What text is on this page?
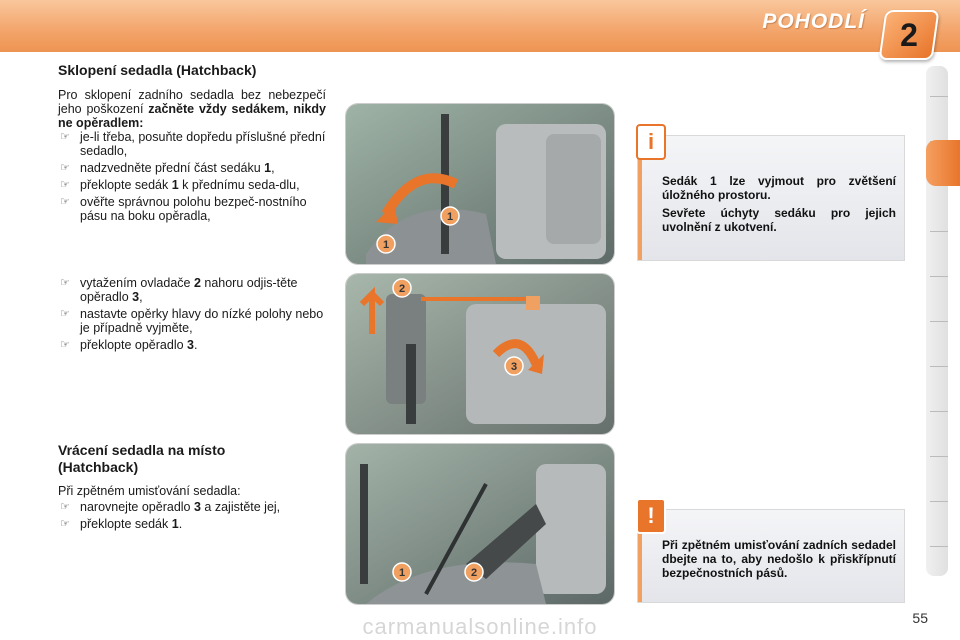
POHODLÍ	2
Sklopení sedadla (Hatchback)
Pro sklopení zadního sedadla bez nebezpečí jeho poškození začněte vždy sedákem, nikdy ne opěradlem:
☞ je-li třeba, posuňte dopředu příslušné přední sedadlo,
☞ nadzvedněte přední část sedáku 1,
☞ překlopte sedák 1 k přednímu seda-dlu,
☞ ověřte správnou polohu bezpeč-nostního pásu na boku opěradla,
☞ vytažením ovladače 2 nahoru odjis-těte opěradlo 3,
☞ nastavte opěrky hlavy do nízké polohy nebo je případně vyjměte,
☞ překlopte opěradlo 3.
Vrácení sedadla na místo (Hatchback)
Při zpětném umisťování sedadla:
☞ narovnejte opěradlo 3 a zajistěte jej,
☞ překlopte sedák 1.
1
1
2
3
1	2
i
Sedák 1 lze vyjmout pro zvětšení úložného prostoru.
Sevřete úchyty sedáku pro jejich uvolnění z ukotvení.
!
Při zpětném umisťování zadních sedadel dbejte na to, aby nedošlo k přiskřípnutí bezpečnostních pásů.
55
carmanualsonline.info
